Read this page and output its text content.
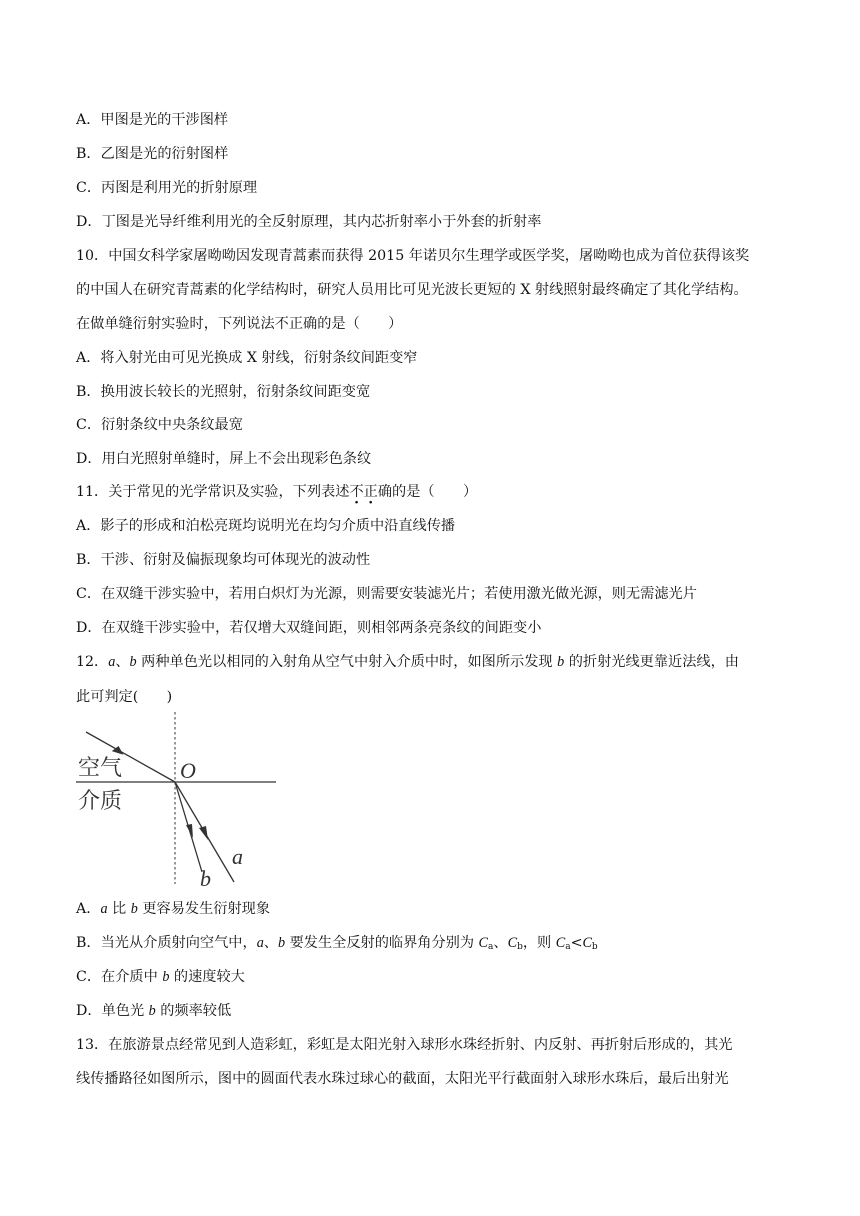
A．甲图是光的干涉图样
B．乙图是光的衍射图样
C．丙图是利用光的折射原理
D．丁图是光导纤维利用光的全反射原理，其内芯折射率小于外套的折射率
10．中国女科学家屠呦呦因发现青蒿素而获得 2015 年诺贝尔生理学或医学奖，屠呦呦也成为首位获得该奖
的中国人在研究青蒿素的化学结构时，研究人员用比可见光波长更短的 X 射线照射最终确定了其化学结构。
在做单缝衍射实验时，下列说法不正确的是（　　）
A．将入射光由可见光换成 X 射线，衍射条纹间距变窄
B．换用波长较长的光照射，衍射条纹间距变宽
C．衍射条纹中央条纹最宽
D．用白光照射单缝时，屏上不会出现彩色条纹
11．关于常见的光学常识及实验，下列表述不正确的是（　　）
A．影子的形成和泊松亮斑均说明光在均匀介质中沿直线传播
B．干涉、衍射及偏振现象均可体现光的波动性
C．在双缝干涉实验中，若用白炽灯为光源，则需要安装滤光片；若使用激光做光源，则无需滤光片
D．在双缝干涉实验中，若仅增大双缝间距，则相邻两条亮条纹的间距变小
12．a、b 两种单色光以相同的入射角从空气中射入介质中时，如图所示发现 b 的折射光线更靠近法线，由
此可判定(　　)
空气
介质
O
a
b
A．a 比 b 更容易发生衍射现象
B．当光从介质射向空气中，a、b 要发生全反射的临界角分别为 $C_a$、$C_b$，则 $C_a<C_b$
C．在介质中 b 的速度较大
D．单色光 b 的频率较低
13．在旅游景点经常见到人造彩虹，彩虹是太阳光射入球形水珠经折射、内反射、再折射后形成的，其光
线传播路径如图所示，图中的圆面代表水珠过球心的截面，太阳光平行截面射入球形水珠后，最后出射光
